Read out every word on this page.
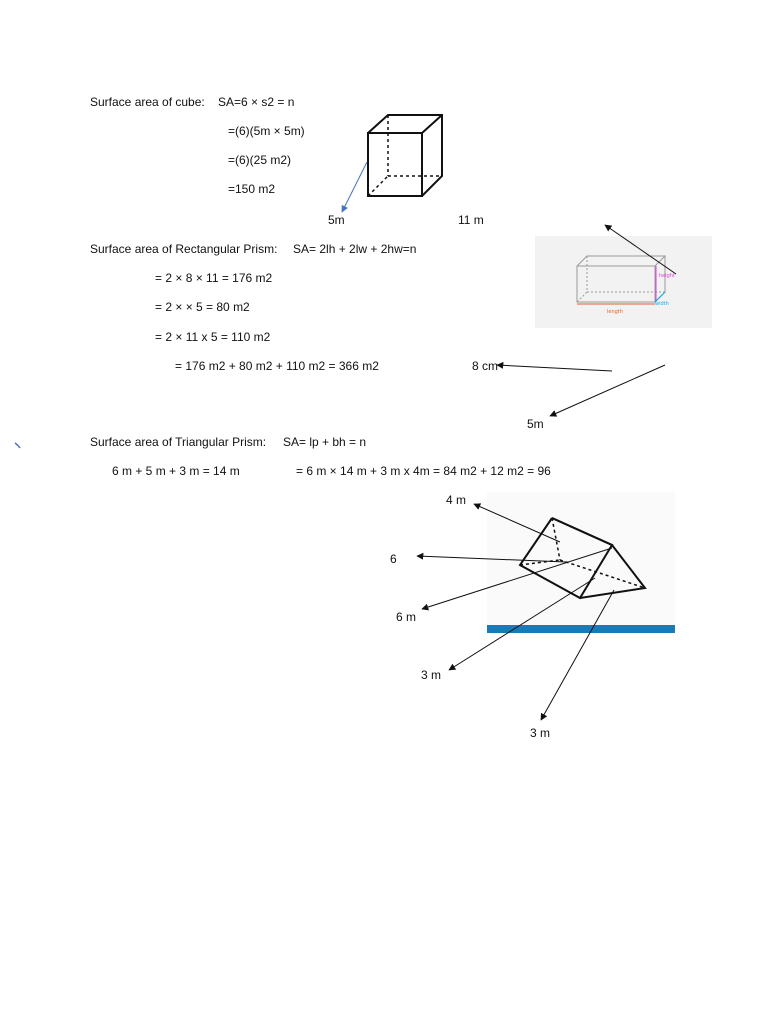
Surface area of cube: SA=6 × s2 = n
=(6)(5m × 5m)
=(6)(25 m2)
=150 m2
5m	11 m
Surface area of Rectangular Prism: SA= 2lh + 2lw + 2hw=n
= 2 × 8 × 11 = 176 m2
= 2 × × 5 = 80 m2
= 2 × 11 x 5 = 110 m2
= 176 m2 + 80 m2 + 110 m2 = 366 m2	8 cm
5m
Surface area of Triangular Prism: SA= lp + bh = n
6 m + 5 m + 3 m = 14 m	= 6 m × 14 m + 3 m x 4m = 84 m2 + 12 m2 = 96
4 m
6
6 m
3 m
3 m
height
width
length
